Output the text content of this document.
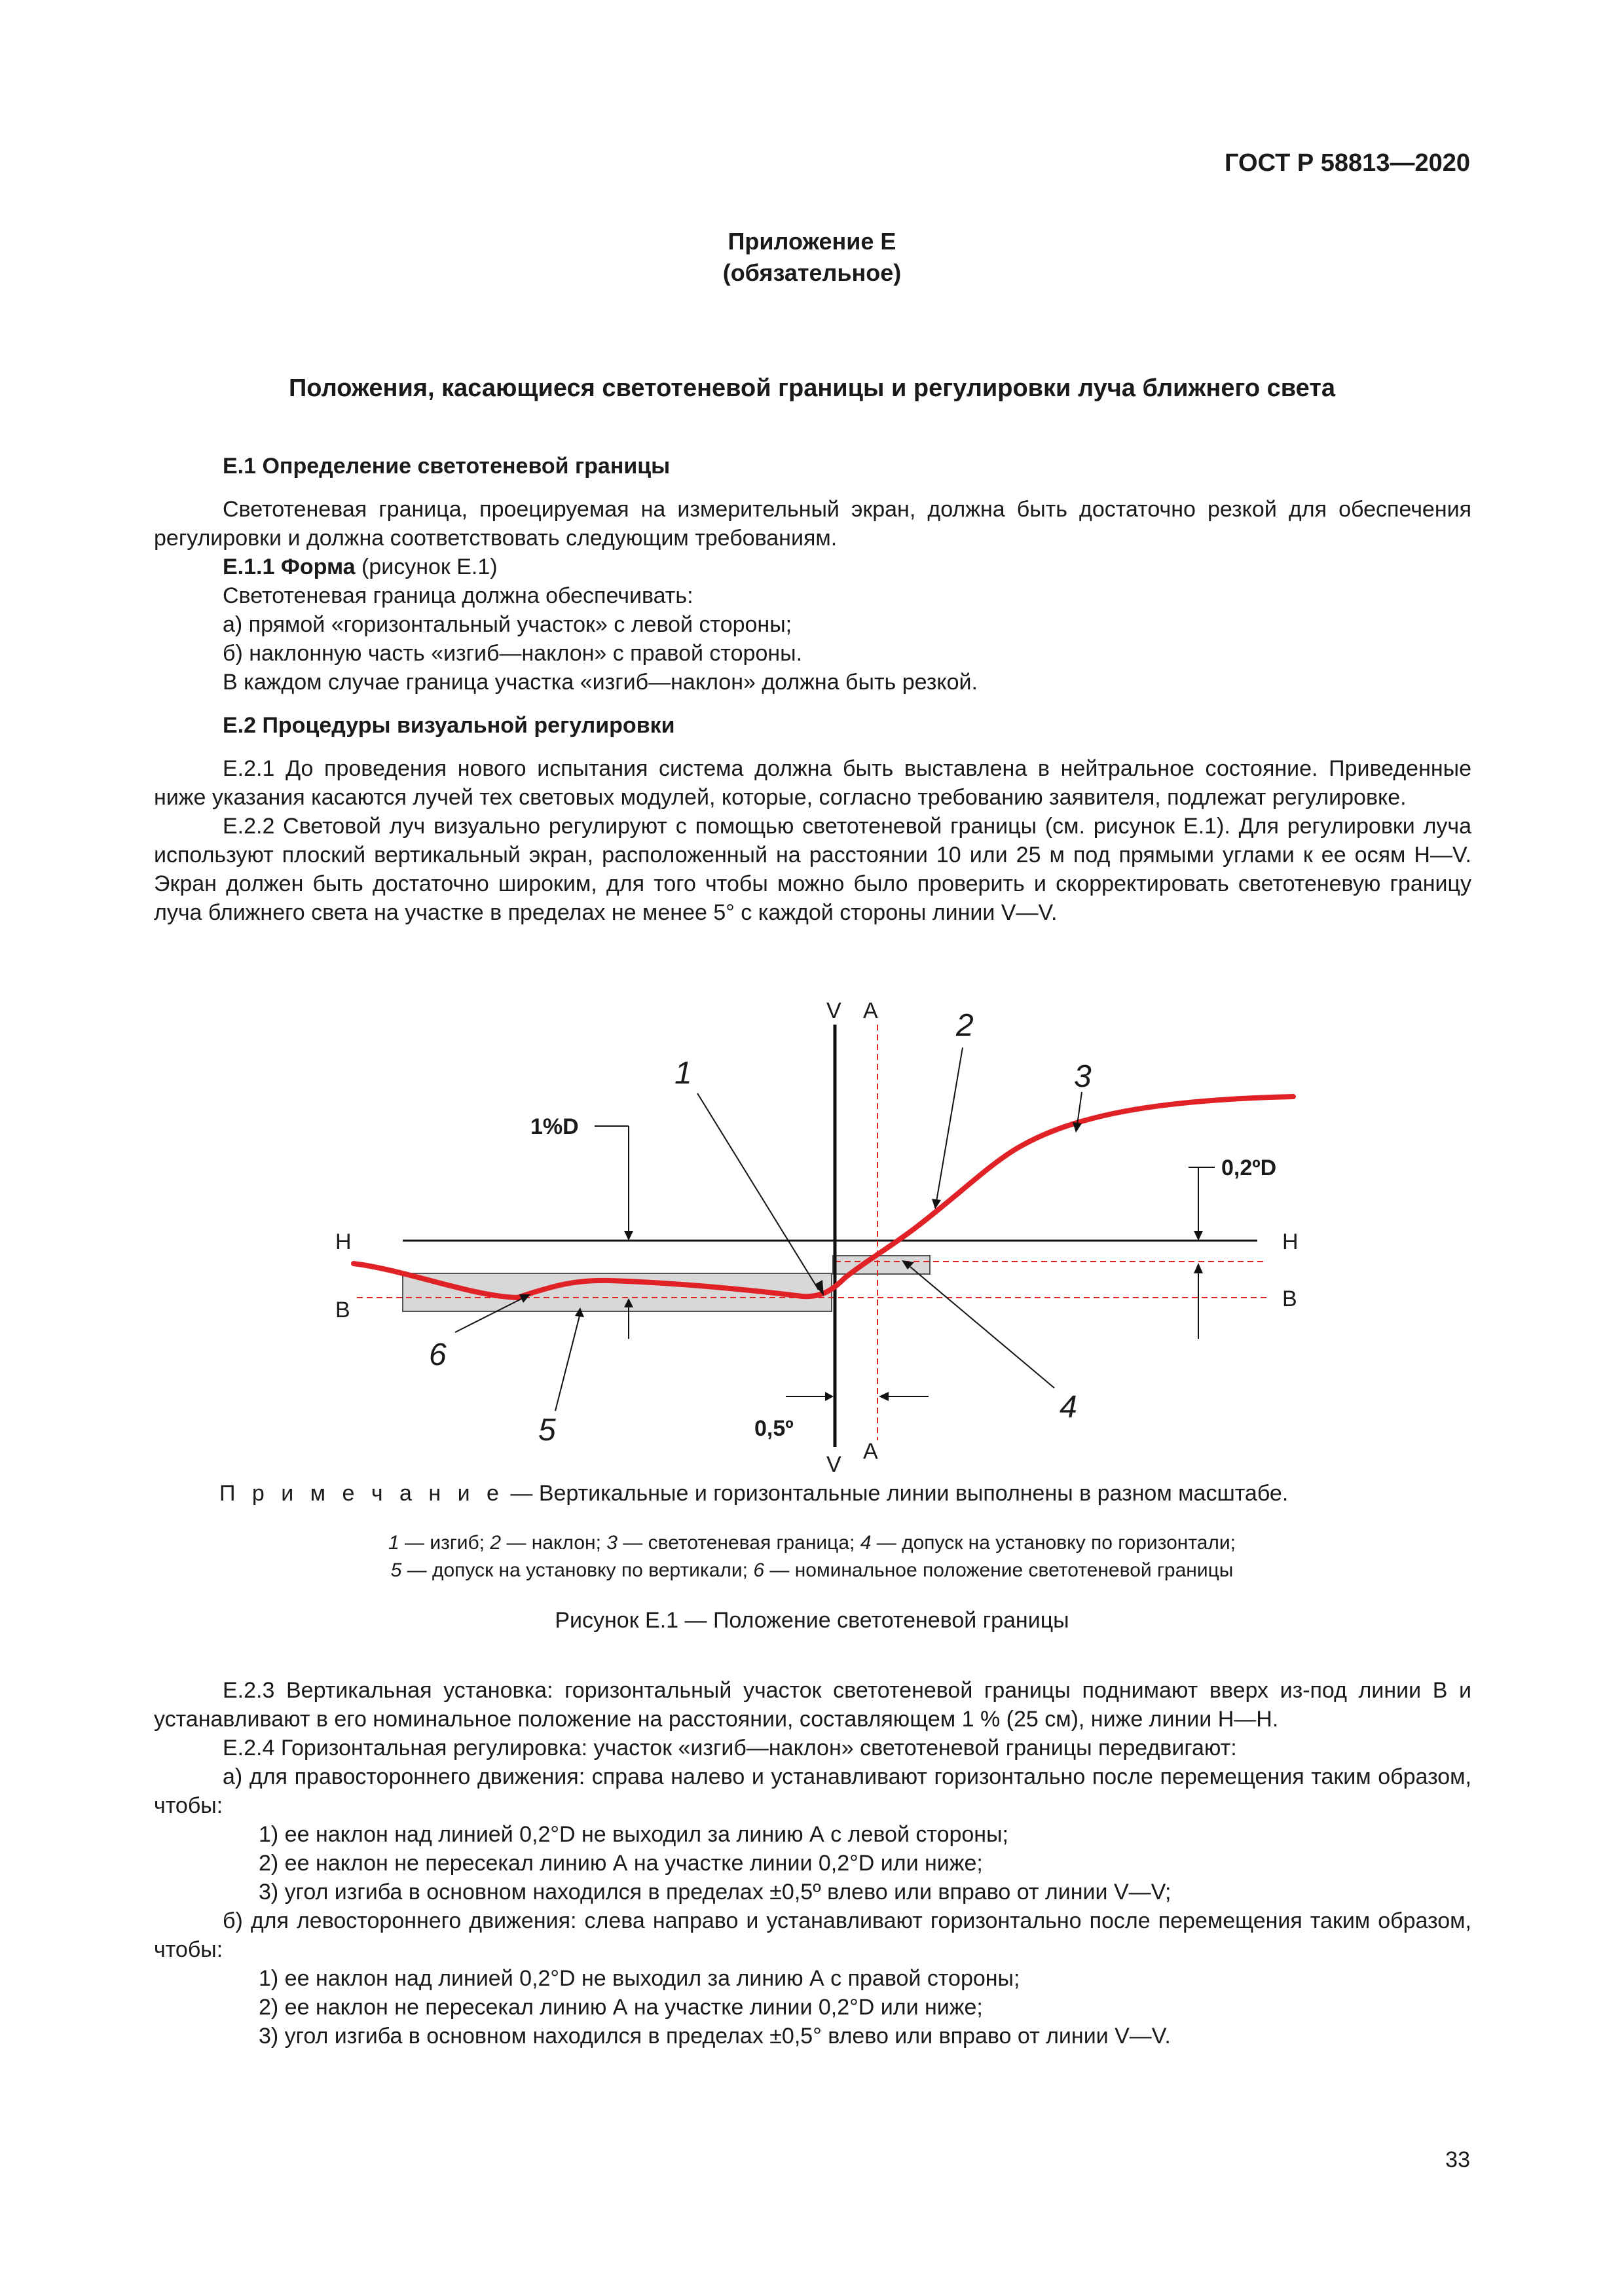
ГОСТ Р 58813—2020
Приложение Е
(обязательное)
Положения, касающиеся светотеневой границы и регулировки луча ближнего света

Е.1 Определение светотеневой границы

Светотеневая граница, проецируемая на измерительный экран, должна быть достаточно резкой для обеспечения регулировки и должна соответствовать следующим требованиям.

Е.1.1 Форма (рисунок Е.1)

Светотеневая граница должна обеспечивать:

а) прямой «горизонтальный участок» с левой стороны;

б) наклонную часть «изгиб—наклон» с правой стороны.

В каждом случае граница участка «изгиб—наклон» должна быть резкой.

Е.2 Процедуры визуальной регулировки

Е.2.1 До проведения нового испытания система должна быть выставлена в нейтральное состояние. Приведенные ниже указания касаются лучей тех световых модулей, которые, согласно требованию заявителя, подлежат регулировке.

Е.2.2 Световой луч визуально регулируют с помощью светотеневой границы (см. рисунок Е.1). Для регулировки луча используют плоский вертикальный экран, расположенный на расстоянии 10 или 25 м под прямыми углами к ее осям Н—V. Экран должен быть достаточно широким, для того чтобы можно было проверить и скорректировать светотеневую границу луча ближнего света на участке в пределах не менее 5° с каждой стороны линии V—V.

V A
V
A
H	H
B	B
1%D
0,2ºD
0,5º
1
2
3
4
5
6
П р и м е ч а н и е — Вертикальные и горизонтальные линии выполнены в разном масштабе.
1 — изгиб; 2 — наклон; 3 — светотеневая граница; 4 — допуск на установку по горизонтали;
5 — допуск на установку по вертикали; 6 — номинальное положение светотеневой границы
Рисунок Е.1 — Положение светотеневой границы

Е.2.3 Вертикальная установка: горизонтальный участок светотеневой границы поднимают вверх из-под линии В и устанавливают в его номинальное положение на расстоянии, составляющем 1 % (25 см), ниже линии Н—Н.

Е.2.4 Горизонтальная регулировка: участок «изгиб—наклон» светотеневой границы передвигают:

а) для правостороннего движения: справа налево и устанавливают горизонтально после перемещения таким образом, чтобы:

1) ее наклон над линией 0,2°D не выходил за линию А с левой стороны;

2) ее наклон не пересекал линию А на участке линии 0,2°D или ниже;

3) угол изгиба в основном находился в пределах ±0,5º влево или вправо от линии V—V;

б) для левостороннего движения: слева направо и устанавливают горизонтально после перемещения таким образом, чтобы:

1) ее наклон над линией 0,2°D не выходил за линию А с правой стороны;

2) ее наклон не пересекал линию А на участке линии 0,2°D или ниже;

3) угол изгиба в основном находился в пределах ±0,5° влево или вправо от линии V—V.

33
